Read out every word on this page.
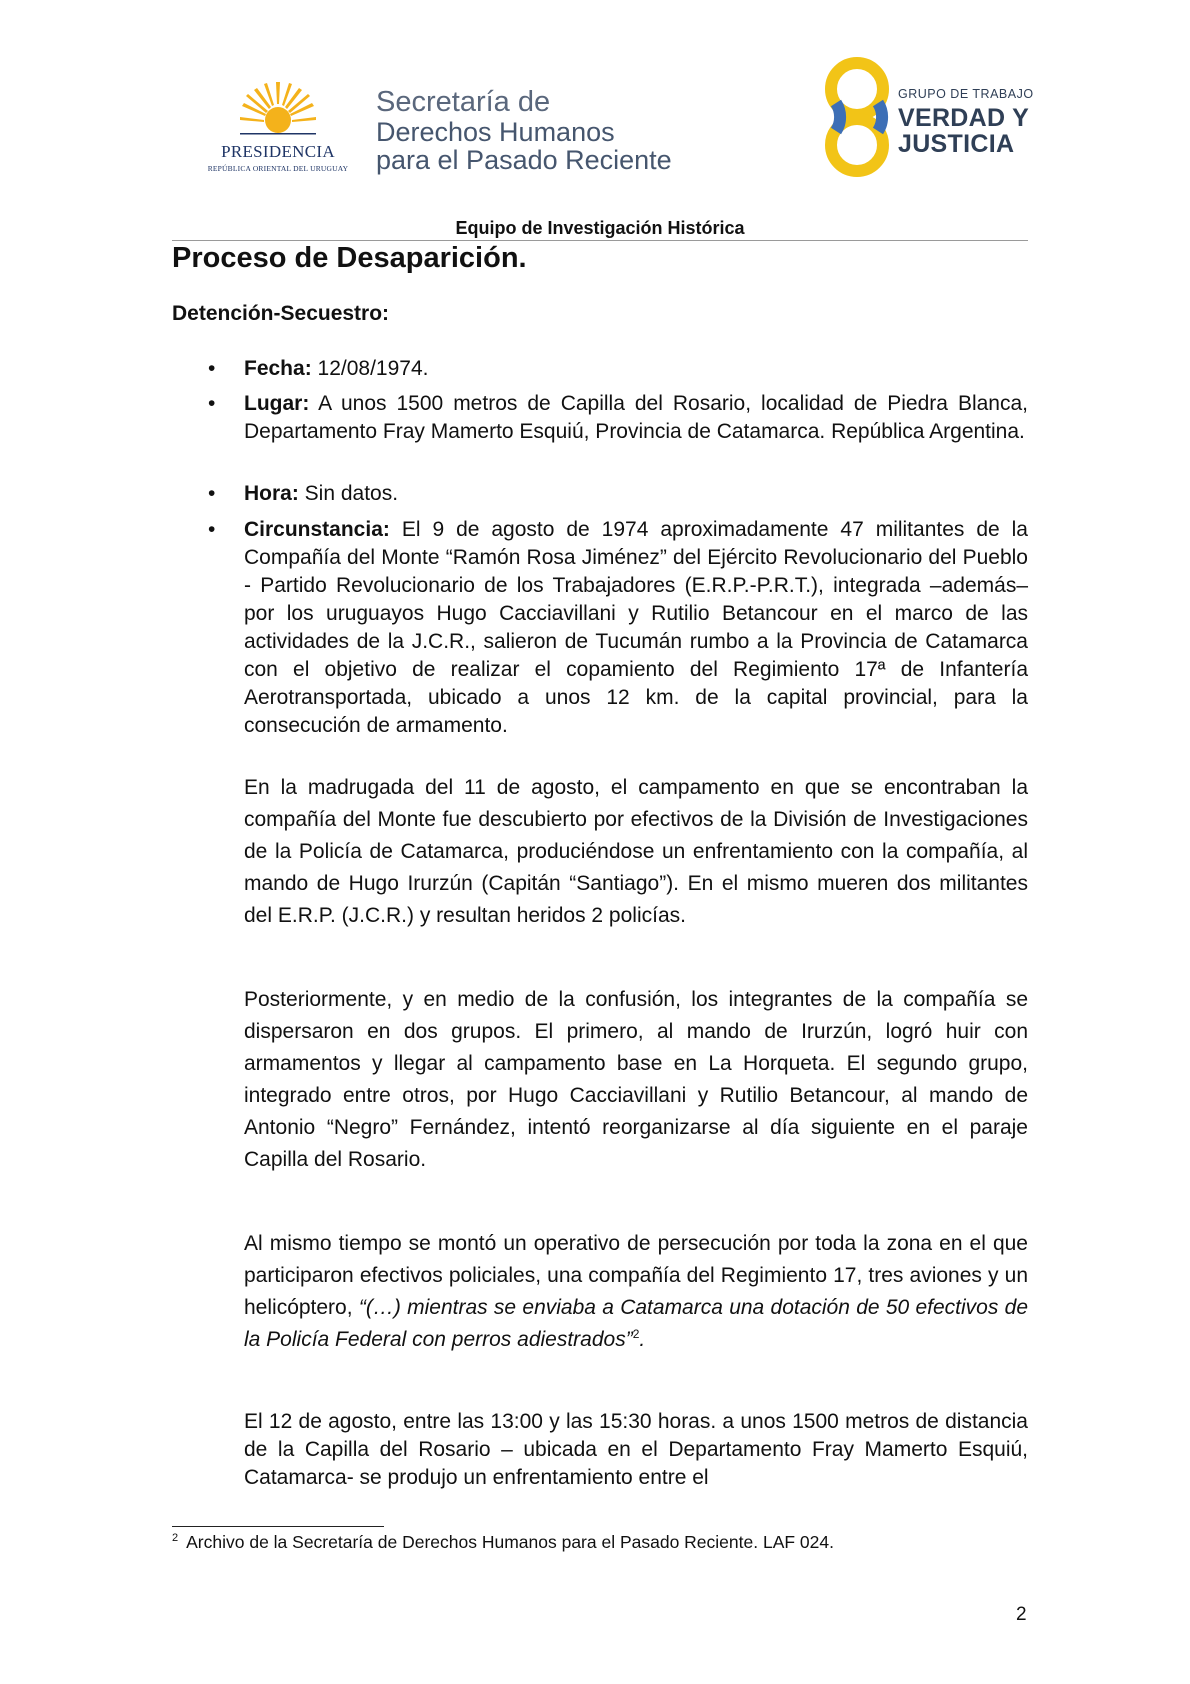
PRESIDENCIA
REPÚBLICA ORIENTAL DEL URUGUAY
Secretaría de
Derechos Humanos
para el Pasado Reciente
GRUPO DE TRABAJO
VERDAD Y
JUSTICIA
Equipo de Investigación Histórica
Proceso de Desaparición.
Detención-Secuestro:
• Fecha: 12/08/1974.
• Lugar: A unos 1500 metros de Capilla del Rosario, localidad de Piedra Blanca, Departamento Fray Mamerto Esquiú, Provincia de Catamarca. República Argentina.
• Hora: Sin datos.
• Circunstancia: El 9 de agosto de 1974 aproximadamente 47 militantes de la Compañía del Monte “Ramón Rosa Jiménez” del Ejército Revolucionario del Pueblo - Partido Revolucionario de los Trabajadores (E.R.P.-P.R.T.), integrada –además– por los uruguayos Hugo Cacciavillani y Rutilio Betancour en el marco de las actividades de la J.C.R., salieron de Tucumán rumbo a la Provincia de Catamarca con el objetivo de realizar el copamiento del Regimiento 17ª de Infantería Aerotransportada, ubicado a unos 12 km. de la capital provincial, para la consecución de armamento.
En la madrugada del 11 de agosto, el campamento en que se encontraban la compañía del Monte fue descubierto por efectivos de la División de Investigaciones de la Policía de Catamarca, produciéndose un enfrentamiento con la compañía, al mando de Hugo Irurzún (Capitán “Santiago”). En el mismo mueren dos militantes del E.R.P. (J.C.R.) y resultan heridos 2 policías.
Posteriormente, y en medio de la confusión, los integrantes de la compañía se dispersaron en dos grupos. El primero, al mando de Irurzún, logró huir con armamentos y llegar al campamento base en La Horqueta. El segundo grupo, integrado entre otros, por Hugo Cacciavillani y Rutilio Betancour, al mando de Antonio “Negro” Fernández, intentó reorganizarse al día siguiente en el paraje Capilla del Rosario.
Al mismo tiempo se montó un operativo de persecución por toda la zona en el que participaron efectivos policiales, una compañía del Regimiento 17, tres aviones y un helicóptero, “(…) mientras se enviaba a Catamarca una dotación de 50 efectivos de la Policía Federal con perros adiestrados”$^2$.
El 12 de agosto, entre las 13:00 y las 15:30 horas. a unos 1500 metros de distancia de la Capilla del Rosario – ubicada en el Departamento Fray Mamerto Esquiú, Catamarca- se produjo un enfrentamiento entre el
$^2$ Archivo de la Secretaría de Derechos Humanos para el Pasado Reciente. LAF 024.
2
